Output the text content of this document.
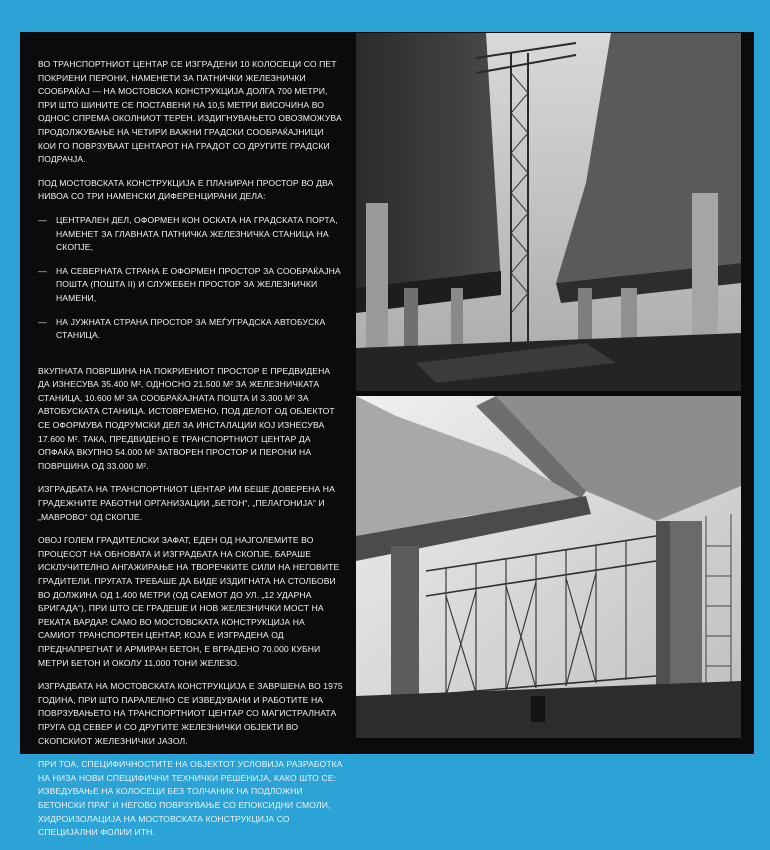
ВО ТРАНСПОРТНИОТ ЦЕНТАР СЕ ИЗГРАДЕНИ 10 КОЛОСЕЦИ СО ПЕТ ПОКРИЕНИ ПЕРОНИ, НАМЕНЕТИ ЗА ПАТНИЧКИ ЖЕЛЕЗНИЧКИ СООБРАЌАЈ — НА МОСТОВСКА КОНСТРУКЦИЈА ДОЛГА 700 МЕТРИ, ПРИ ШТО ШИНИТЕ СЕ ПОСТАВЕНИ НА 10,5 МЕТРИ ВИСОЧИНА ВО ОДНОС СПРЕМА ОКОЛНИОТ ТЕРЕН. ИЗДИГНУВАЊЕТО ОВОЗМОЖУВА ПРОДОЛЖУВАЊЕ НА ЧЕТИРИ ВАЖНИ ГРАДСКИ СООБРАЌАЈНИЦИ КОИ ГО ПОВРЗУВААТ ЦЕНТАРОТ НА ГРАДОТ СО ДРУГИТЕ ГРАДСКИ ПОДРАЧЈА.

ПОД МОСТОВСКАТА КОНСТРУКЦИЈА Е ПЛАНИРАН ПРОСТОР ВО ДВА НИВОА СО ТРИ НАМЕНСКИ ДИФЕРЕНЦИРАНИ ДЕЛА:

— ЦЕНТРАЛЕН ДЕЛ, ОФОРМЕН КОН ОСКАТА НА ГРАДСКАТА ПОРТА, НАМЕНЕТ ЗА ГЛАВНАТА ПАТНИЧКА ЖЕЛЕЗНИЧКА СТАНИЦА НА СКОПЈЕ,
— НА СЕВЕРНАТА СТРАНА Е ОФОРМЕН ПРОСТОР ЗА СООБРАЌАЈНА ПОШТА (ПОШТА II) И СЛУЖЕБЕН ПРОСТОР ЗА ЖЕЛЕЗНИЧКИ НАМЕНИ,
— НА ЈУЖНАТА СТРАНА ПРОСТОР ЗА МЕЃУГРАДСКА АВТОБУСКА СТАНИЦА.

ВКУПНАТА ПОВРШИНА НА ПОКРИЕНИОТ ПРОСТОР Е ПРЕДВИДЕНА ДА ИЗНЕСУВА 35.400 М², ОДНОСНО 21.500 М² ЗА ЖЕЛЕЗНИЧКАТА СТАНИЦА, 10.600 М² ЗА СООБРАЌАЈНАТА ПОШТА И 3.300 М² ЗА АВТОБУСКАТА СТАНИЦА. ИСТОВРЕМЕНО, ПОД ДЕЛОТ ОД ОБЈЕКТОТ СЕ ОФОРМУВА ПОДРУМСКИ ДЕЛ ЗА ИНСТАЛАЦИИ КОЈ ИЗНЕСУВА 17.600 М². ТАКА, ПРЕДВИДЕНО Е ТРАНСПОРТНИОТ ЦЕНТАР ДА ОПФАЌА ВКУПНО 54.000 М² ЗАТВОРЕН ПРОСТОР И ПЕРОНИ НА ПОВРШИНА ОД 33.000 М².

ИЗГРАДБАТА НА ТРАНСПОРТНИОТ ЦЕНТАР ИМ БЕШЕ ДОВЕРЕНА НА ГРАДЕЖНИТЕ РАБОТНИ ОРГАНИЗАЦИИ „БЕТОН“, „ПЕЛАГОНИЈА“ И „МАВРОВО“ ОД СКОПЈЕ.

ОВОЈ ГОЛЕМ ГРАДИТЕЛСКИ ЗАФАТ, ЕДЕН ОД НАЈГОЛЕМИТЕ ВО ПРОЦЕСОТ НА ОБНОВАТА И ИЗГРАДБАТА НА СКОПЈЕ, БАРАШЕ ИСКЛУЧИТЕЛНО АНГАЖИРАЊЕ НА ТВОРЕЧКИТЕ СИЛИ НА НЕГОВИТЕ ГРАДИТЕЛИ. ПРУГАТА ТРЕБАШЕ ДА БИДЕ ИЗДИГНАТА НА СТОЛБОВИ ВО ДОЛЖИНА ОД 1.400 МЕТРИ (ОД САЕМОТ ДО УЛ. „12 УДАРНА БРИГАДА“), ПРИ ШТО СЕ ГРАДЕШЕ И НОВ ЖЕЛЕЗНИЧКИ МОСТ НА РЕКАТА ВАРДАР. САМО ВО МОСТОВСКАТА КОНСТРУКЦИЈА НА САМИОТ ТРАНСПОРТЕН ЦЕНТАР, КОЈА Е ИЗГРАДЕНА ОД ПРЕДНАПРЕГНАТ И АРМИРАН БЕТОН, Е ВГРАДЕНО 70.000 КУБНИ МЕТРИ БЕТОН И ОКОЛУ 11.000 ТОНИ ЖЕЛЕЗО.

ИЗГРАДБАТА НА МОСТОВСКАТА КОНСТРУКЦИЈА Е ЗАВРШЕНА ВО 1975 ГОДИНА, ПРИ ШТО ПАРАЛЕЛНО СЕ ИЗВЕДУВАНИ И РАБОТИТЕ НА ПОВРЗУВАЊЕТО НА ТРАНСПОРТНИОТ ЦЕНТАР СО МАГИСТРАЛНАТА ПРУГА ОД СЕВЕР И СО ДРУГИТЕ ЖЕЛЕЗНИЧКИ ОБЈЕКТИ ВО СКОПСКИОТ ЖЕЛЕЗНИЧКИ ЈАЗОЛ.

ПРИ ТОА, СПЕЦИФИЧНОСТИТЕ НА ОБЈЕКТОТ УСЛОВИЈА РАЗРАБОТКА НА НИЗА НОВИ СПЕЦИФИЧНИ ТЕХНИЧКИ РЕШЕНИЈА, КАКО ШТО СЕ: ИЗВЕДУВАЊЕ НА КОЛОСЕЦИ БЕЗ ТOЛЧАНИК НА ПОДЛОЖНИ БЕТОНСКИ ПРАГ И НЕГОВО ПОВРЗУВАЊЕ СО ЕПОКСИДНИ СМОЛИ, ХИДРОИЗОЛАЦИЈА НА МОСТОВСКАТА КОНСТРУКЦИЈА СО СПЕЦИЈАЛНИ ФОЛИИ ИТН.
